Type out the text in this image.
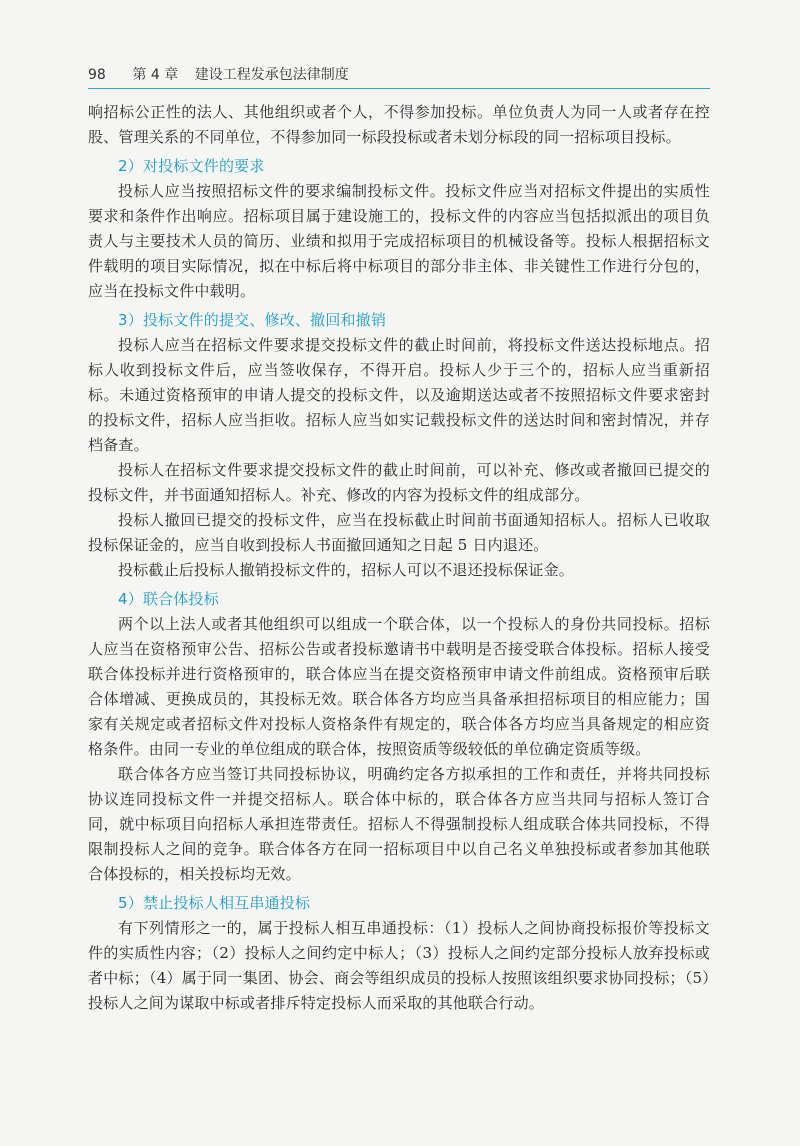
98 第 4 章 建设工程发承包法律制度

响招标公正性的法人、其他组织或者个人，不得参加投标。单位负责人为同一人或者存在控股、管理关系的不同单位，不得参加同一标段投标或者未划分标段的同一招标项目投标。

2）对投标文件的要求

投标人应当按照招标文件的要求编制投标文件。投标文件应当对招标文件提出的实质性要求和条件作出响应。招标项目属于建设施工的，投标文件的内容应当包括拟派出的项目负责人与主要技术人员的简历、业绩和拟用于完成招标项目的机械设备等。投标人根据招标文件载明的项目实际情况，拟在中标后将中标项目的部分非主体、非关键性工作进行分包的，应当在投标文件中载明。

3）投标文件的提交、修改、撤回和撤销

投标人应当在招标文件要求提交投标文件的截止时间前，将投标文件送达投标地点。招标人收到投标文件后，应当签收保存，不得开启。投标人少于三个的，招标人应当重新招标。未通过资格预审的申请人提交的投标文件，以及逾期送达或者不按照招标文件要求密封的投标文件，招标人应当拒收。招标人应当如实记载投标文件的送达时间和密封情况，并存档备查。

投标人在招标文件要求提交投标文件的截止时间前，可以补充、修改或者撤回已提交的投标文件，并书面通知招标人。补充、修改的内容为投标文件的组成部分。

投标人撤回已提交的投标文件，应当在投标截止时间前书面通知招标人。招标人已收取投标保证金的，应当自收到投标人书面撤回通知之日起 5 日内退还。

投标截止后投标人撤销投标文件的，招标人可以不退还投标保证金。

4）联合体投标

两个以上法人或者其他组织可以组成一个联合体，以一个投标人的身份共同投标。招标人应当在资格预审公告、招标公告或者投标邀请书中载明是否接受联合体投标。招标人接受联合体投标并进行资格预审的，联合体应当在提交资格预审申请文件前组成。资格预审后联合体增减、更换成员的，其投标无效。联合体各方均应当具备承担招标项目的相应能力；国家有关规定或者招标文件对投标人资格条件有规定的，联合体各方均应当具备规定的相应资格条件。由同一专业的单位组成的联合体，按照资质等级较低的单位确定资质等级。

联合体各方应当签订共同投标协议，明确约定各方拟承担的工作和责任，并将共同投标协议连同投标文件一并提交招标人。联合体中标的，联合体各方应当共同与招标人签订合同，就中标项目向招标人承担连带责任。招标人不得强制投标人组成联合体共同投标，不得限制投标人之间的竞争。联合体各方在同一招标项目中以自己名义单独投标或者参加其他联合体投标的，相关投标均无效。

5）禁止投标人相互串通投标

有下列情形之一的，属于投标人相互串通投标：（1）投标人之间协商投标报价等投标文件的实质性内容；（2）投标人之间约定中标人；（3）投标人之间约定部分投标人放弃投标或者中标；（4）属于同一集团、协会、商会等组织成员的投标人按照该组织要求协同投标；（5）投标人之间为谋取中标或者排斥特定投标人而采取的其他联合行动。
